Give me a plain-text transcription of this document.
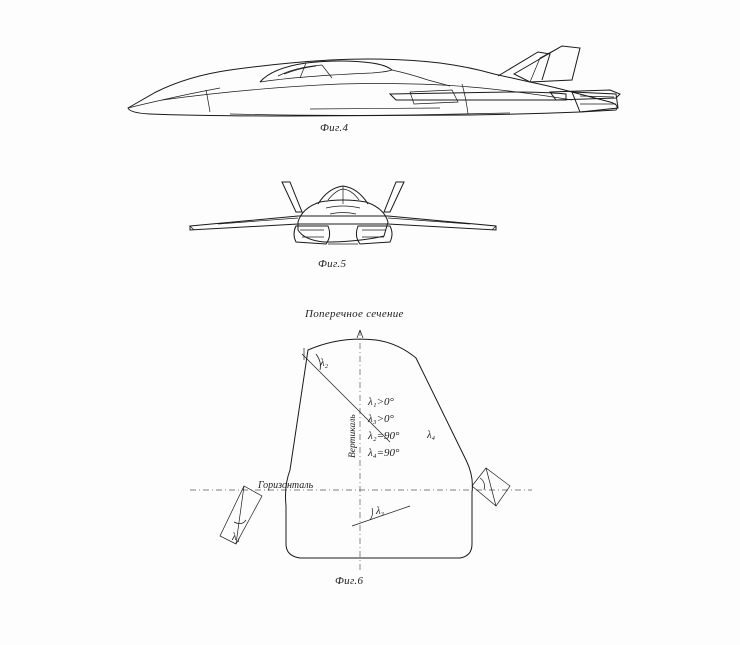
Фиг.4
Фиг.5
Поперечное сечение
Вертикаль
Горизонталь
λ₂
λ₄
λ₁
λ₃
λ₁>0°
λ₃>0°
λ₂=90°
λ₄=90°
Фиг.6
